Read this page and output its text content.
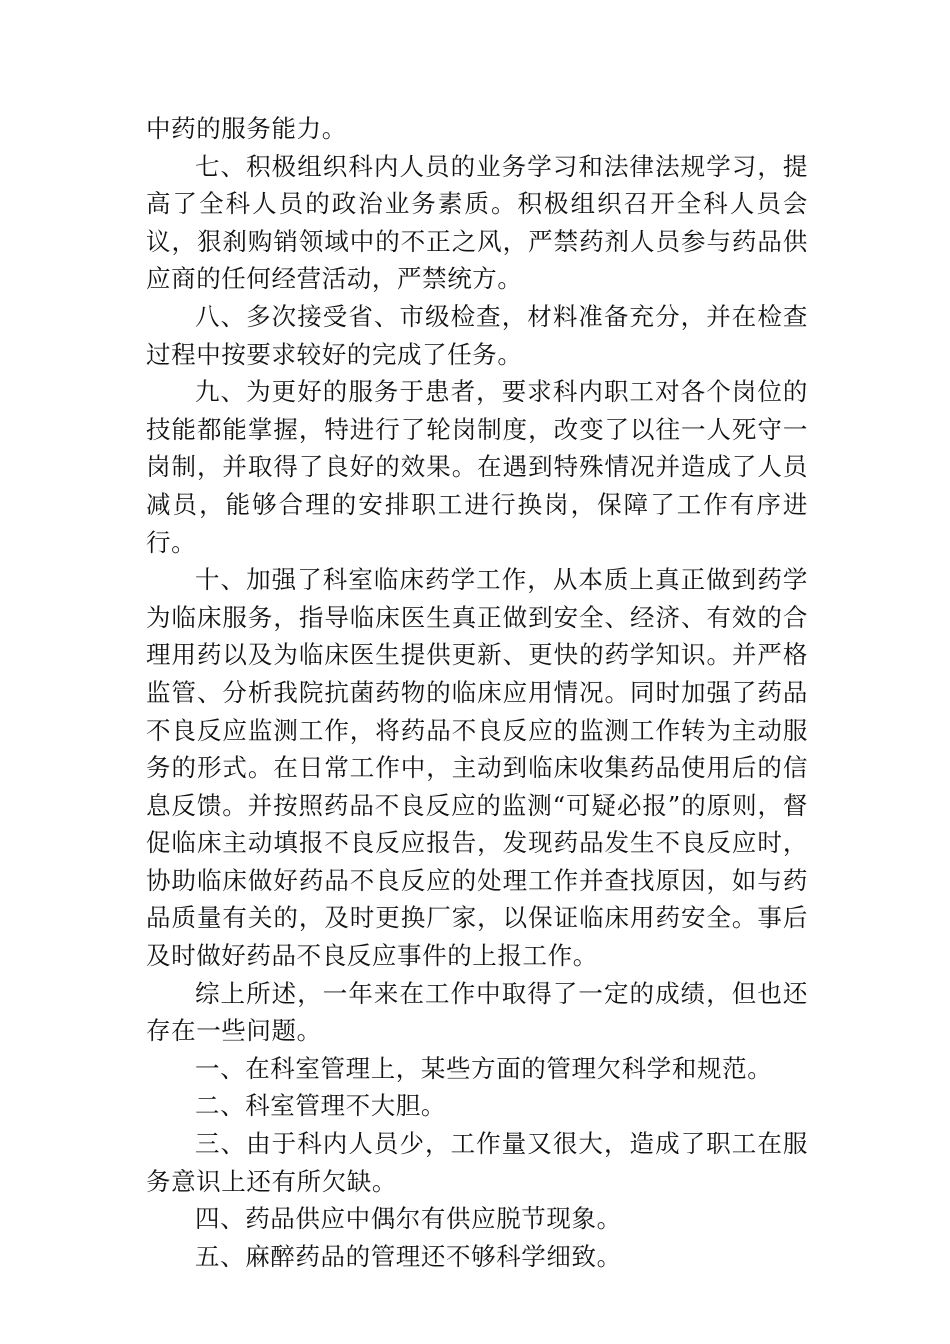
中药的服务能力。

七、积极组织科内人员的业务学习和法律法规学习，提高了全科人员的政治业务素质。积极组织召开全科人员会议，狠刹购销领域中的不正之风，严禁药剂人员参与药品供应商的任何经营活动，严禁统方。

八、多次接受省、市级检查，材料准备充分，并在检查过程中按要求较好的完成了任务。

九、为更好的服务于患者，要求科内职工对各个岗位的技能都能掌握，特进行了轮岗制度，改变了以往一人死守一岗制，并取得了良好的效果。在遇到特殊情况并造成了人员减员，能够合理的安排职工进行换岗，保障了工作有序进行。

十、加强了科室临床药学工作，从本质上真正做到药学为临床服务，指导临床医生真正做到安全、经济、有效的合理用药以及为临床医生提供更新、更快的药学知识。并严格监管、分析我院抗菌药物的临床应用情况。同时加强了药品不良反应监测工作，将药品不良反应的监测工作转为主动服务的形式。在日常工作中，主动到临床收集药品使用后的信息反馈。并按照药品不良反应的监测“可疑必报”的原则，督促临床主动填报不良反应报告，发现药品发生不良反应时，协助临床做好药品不良反应的处理工作并查找原因，如与药品质量有关的，及时更换厂家，以保证临床用药安全。事后及时做好药品不良反应事件的上报工作。

综上所述，一年来在工作中取得了一定的成绩，但也还存在一些问题。

一、在科室管理上，某些方面的管理欠科学和规范。

二、科室管理不大胆。

三、由于科内人员少，工作量又很大，造成了职工在服务意识上还有所欠缺。

四、药品供应中偶尔有供应脱节现象。

五、麻醉药品的管理还不够科学细致。
